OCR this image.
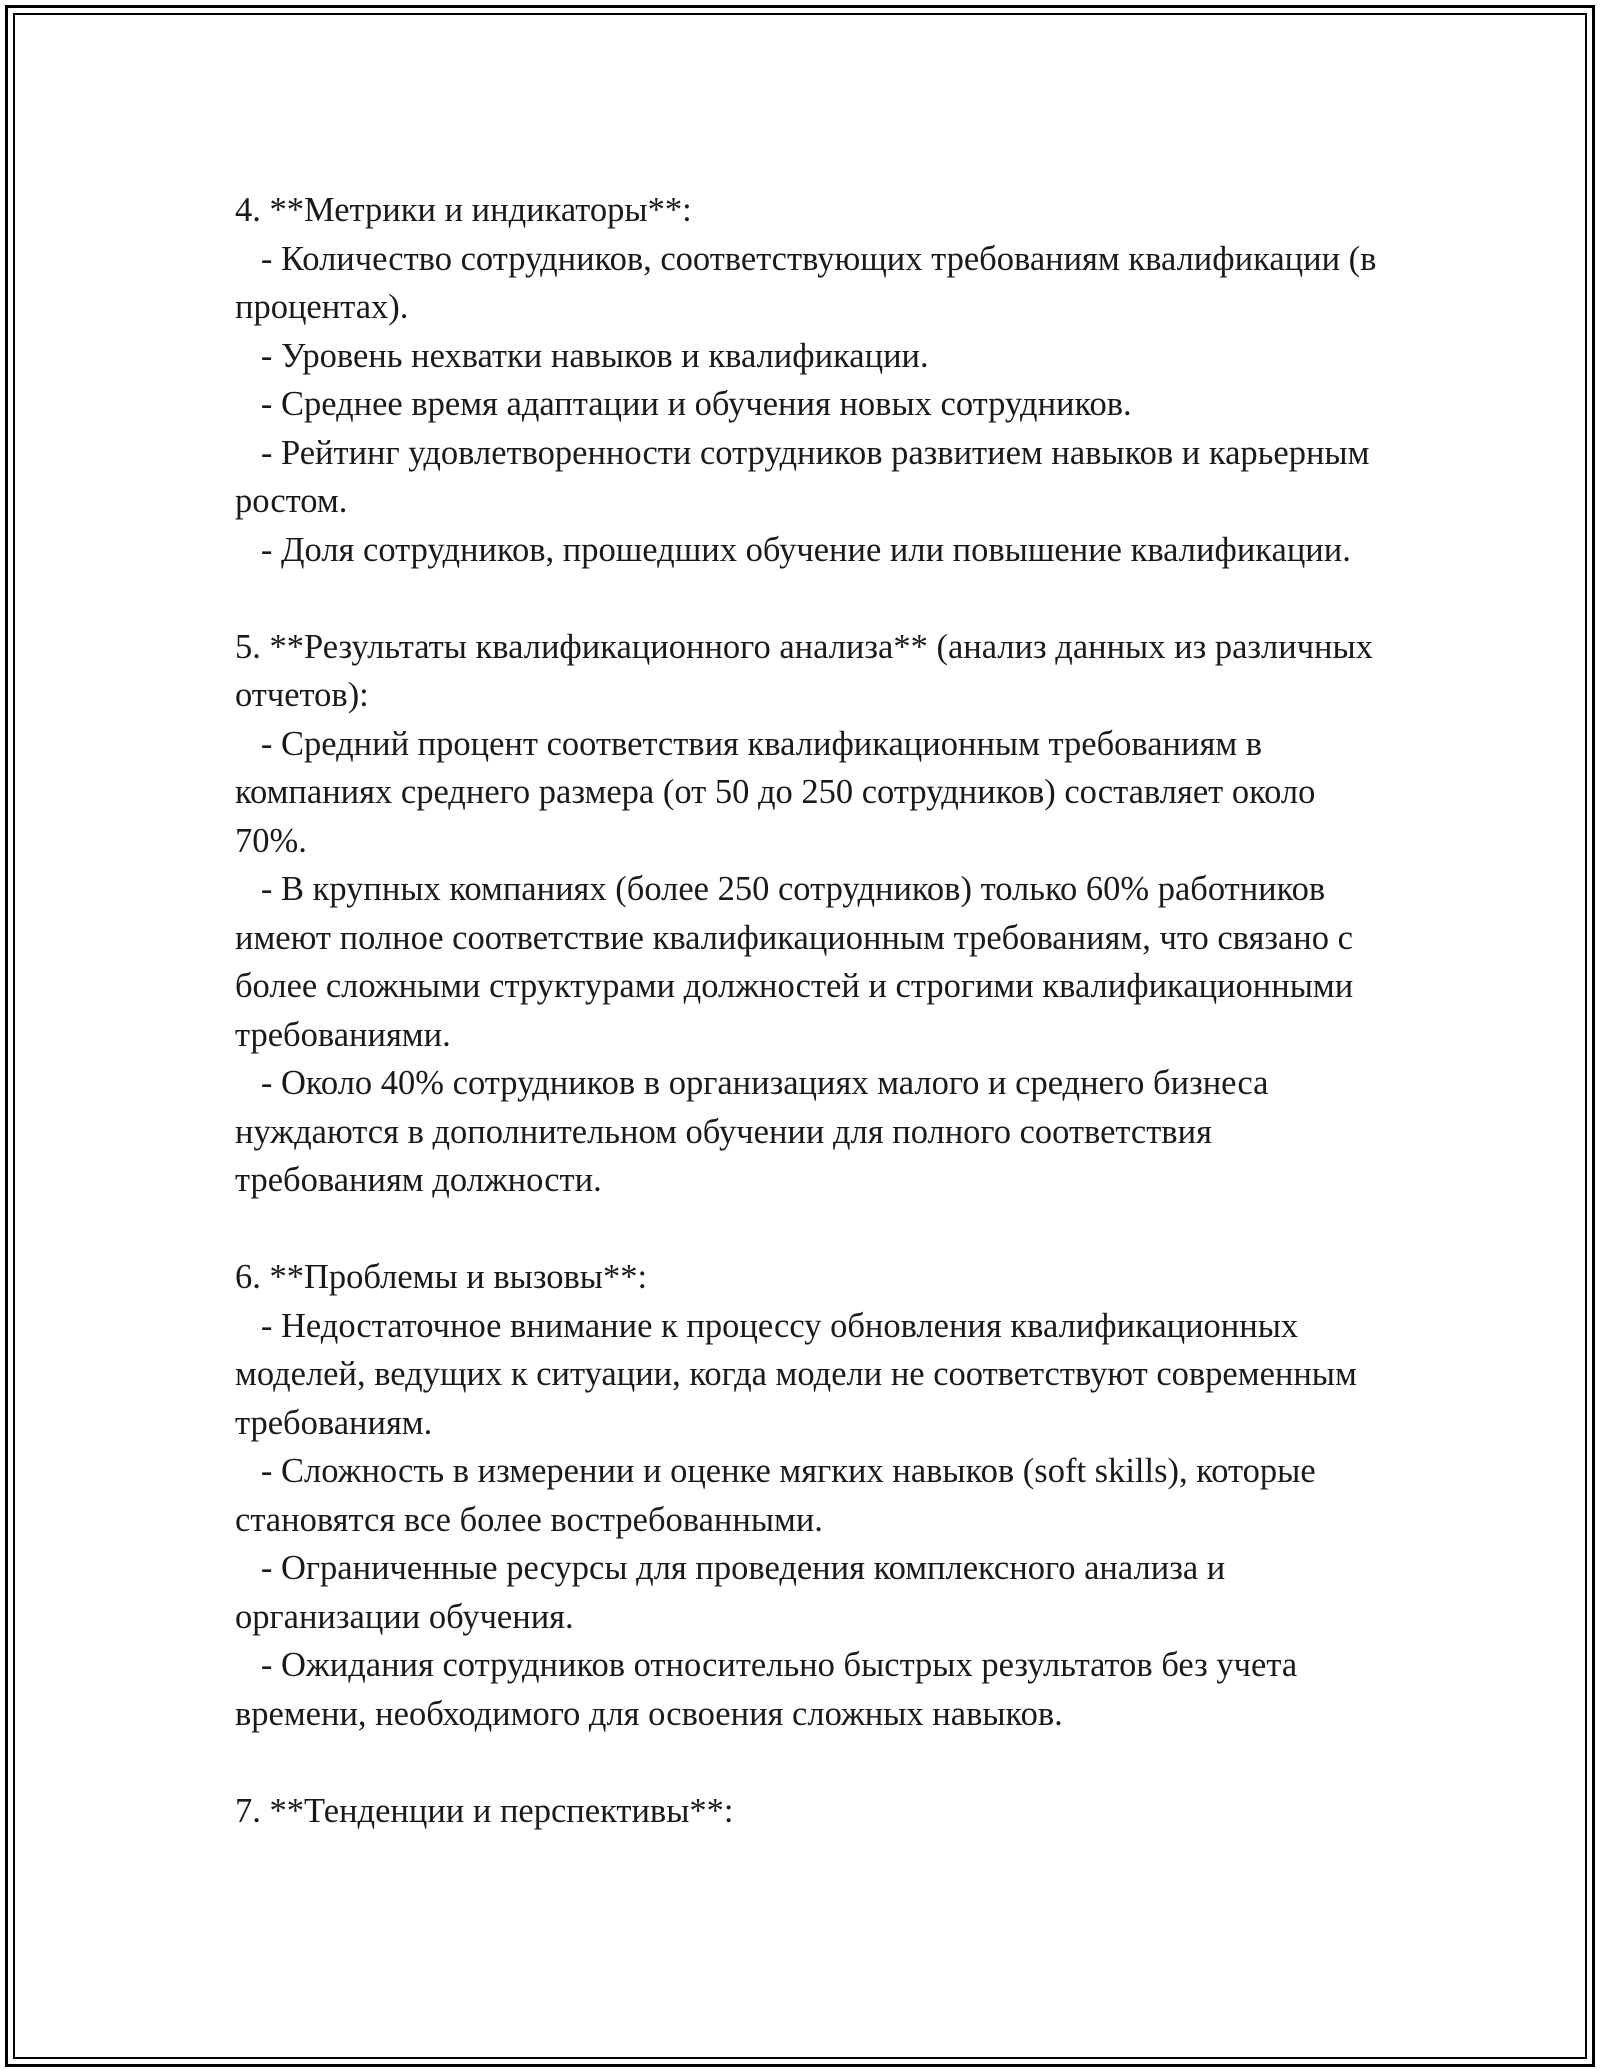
4. **Метрики и индикаторы**:
- Количество сотрудников, соответствующих требованиям квалификации (в процентах).
- Уровень нехватки навыков и квалификации.
- Среднее время адаптации и обучения новых сотрудников.
- Рейтинг удовлетворенности сотрудников развитием навыков и карьерным ростом.
- Доля сотрудников, прошедших обучение или повышение квалификации.
5. **Результаты квалификационного анализа** (анализ данных из различных отчетов):
- Средний процент соответствия квалификационным требованиям в компаниях среднего размера (от 50 до 250 сотрудников) составляет около 70%.
- В крупных компаниях (более 250 сотрудников) только 60% работников имеют полное соответствие квалификационным требованиям, что связано с более сложными структурами должностей и строгими квалификационными требованиями.
- Около 40% сотрудников в организациях малого и среднего бизнеса нуждаются в дополнительном обучении для полного соответствия требованиям должности.
6. **Проблемы и вызовы**:
- Недостаточное внимание к процессу обновления квалификационных моделей, ведущих к ситуации, когда модели не соответствуют современным требованиям.
- Сложность в измерении и оценке мягких навыков (soft skills), которые становятся все более востребованными.
- Ограниченные ресурсы для проведения комплексного анализа и организации обучения.
- Ожидания сотрудников относительно быстрых результатов без учета времени, необходимого для освоения сложных навыков.
7. **Тенденции и перспективы**:
